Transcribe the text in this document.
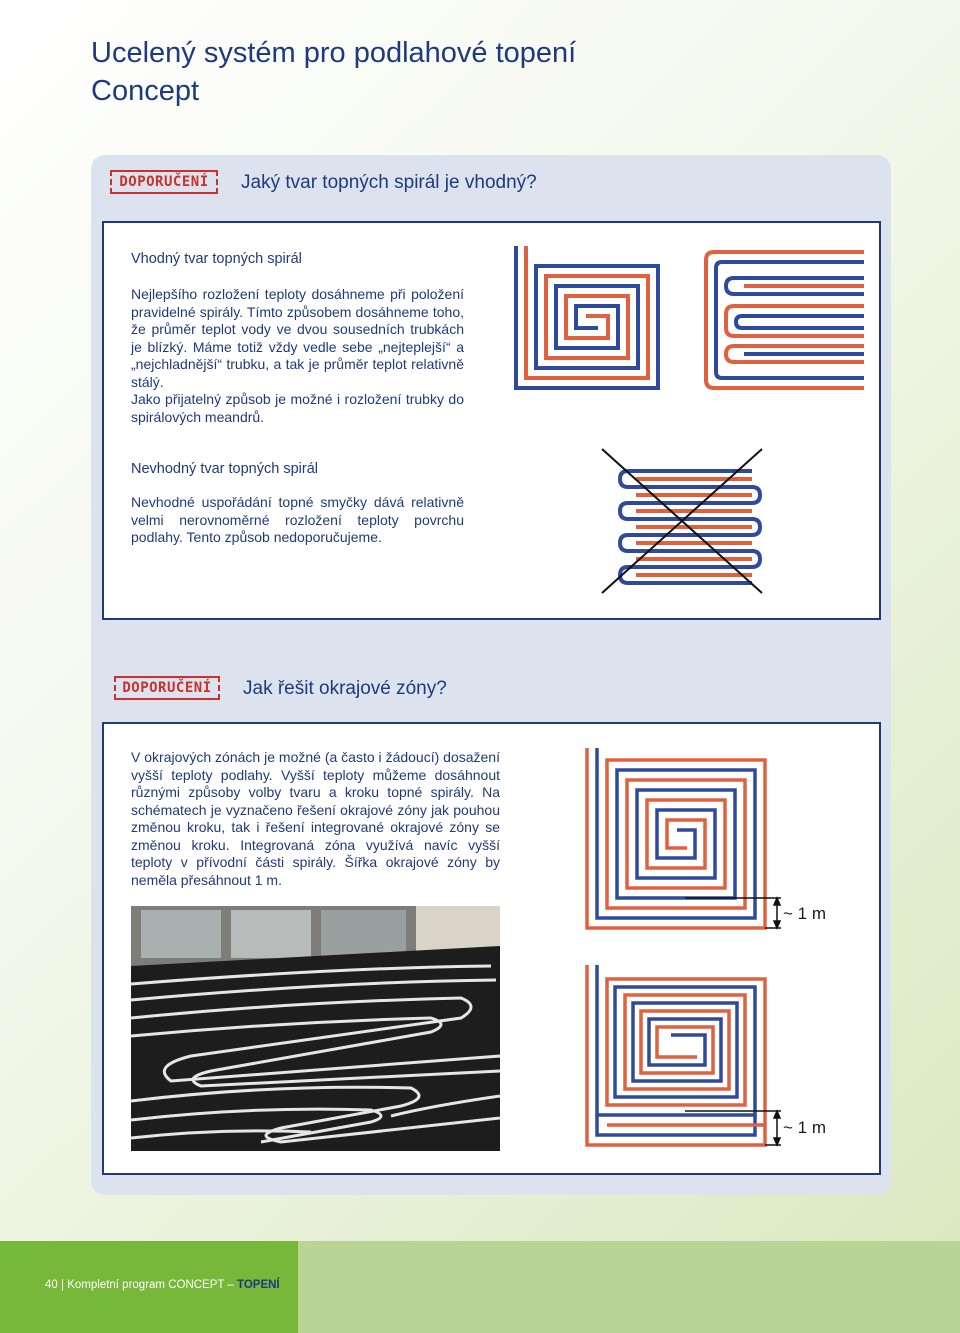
Ucelený systém pro podlahové topení
Concept
DOPORUČENÍ	Jaký tvar topných spirál je vhodný?
Vhodný tvar topných spirál

Nejlepšího rozložení teploty dosáhneme při položení pravidelné spirály. Tímto způsobem dosáhneme toho, že průměr teplot vody ve dvou sousedních trubkách je blízký. Máme totiž vždy vedle sebe „nejteplejší“ a „nejchladnější“ trubku, a tak je průměr teplot relativně stálý.
Jako přijatelný způsob je možné i rozložení trubky do spirálových meandrů.

Nevhodný tvar topných spirál

Nevhodné uspořádání topné smyčky dává relativně velmi nerovnoměrné rozložení teploty povrchu podlahy. Tento způsob nedoporučujeme.

DOPORUČENÍ	Jak řešit okrajové zóny?

V okrajových zónách je možné (a často i žádoucí) dosažení vyšší teploty podlahy. Vyšší teploty můžeme dosáhnout různými způsoby volby tvaru a kroku topné spirály. Na schématech je vyznačeno řešení okrajové zóny jak pouhou změnou kroku, tak i řešení integrované okrajové zóny se změnou kroku. Integrovaná zóna využívá navíc vyšší teploty v přívodní části spirály. Šířka okrajové zóny by neměla přesáhnout 1 m.

~ 1 m
~ 1 m
40 | Kompletní program CONCEPT – TOPENÍ
